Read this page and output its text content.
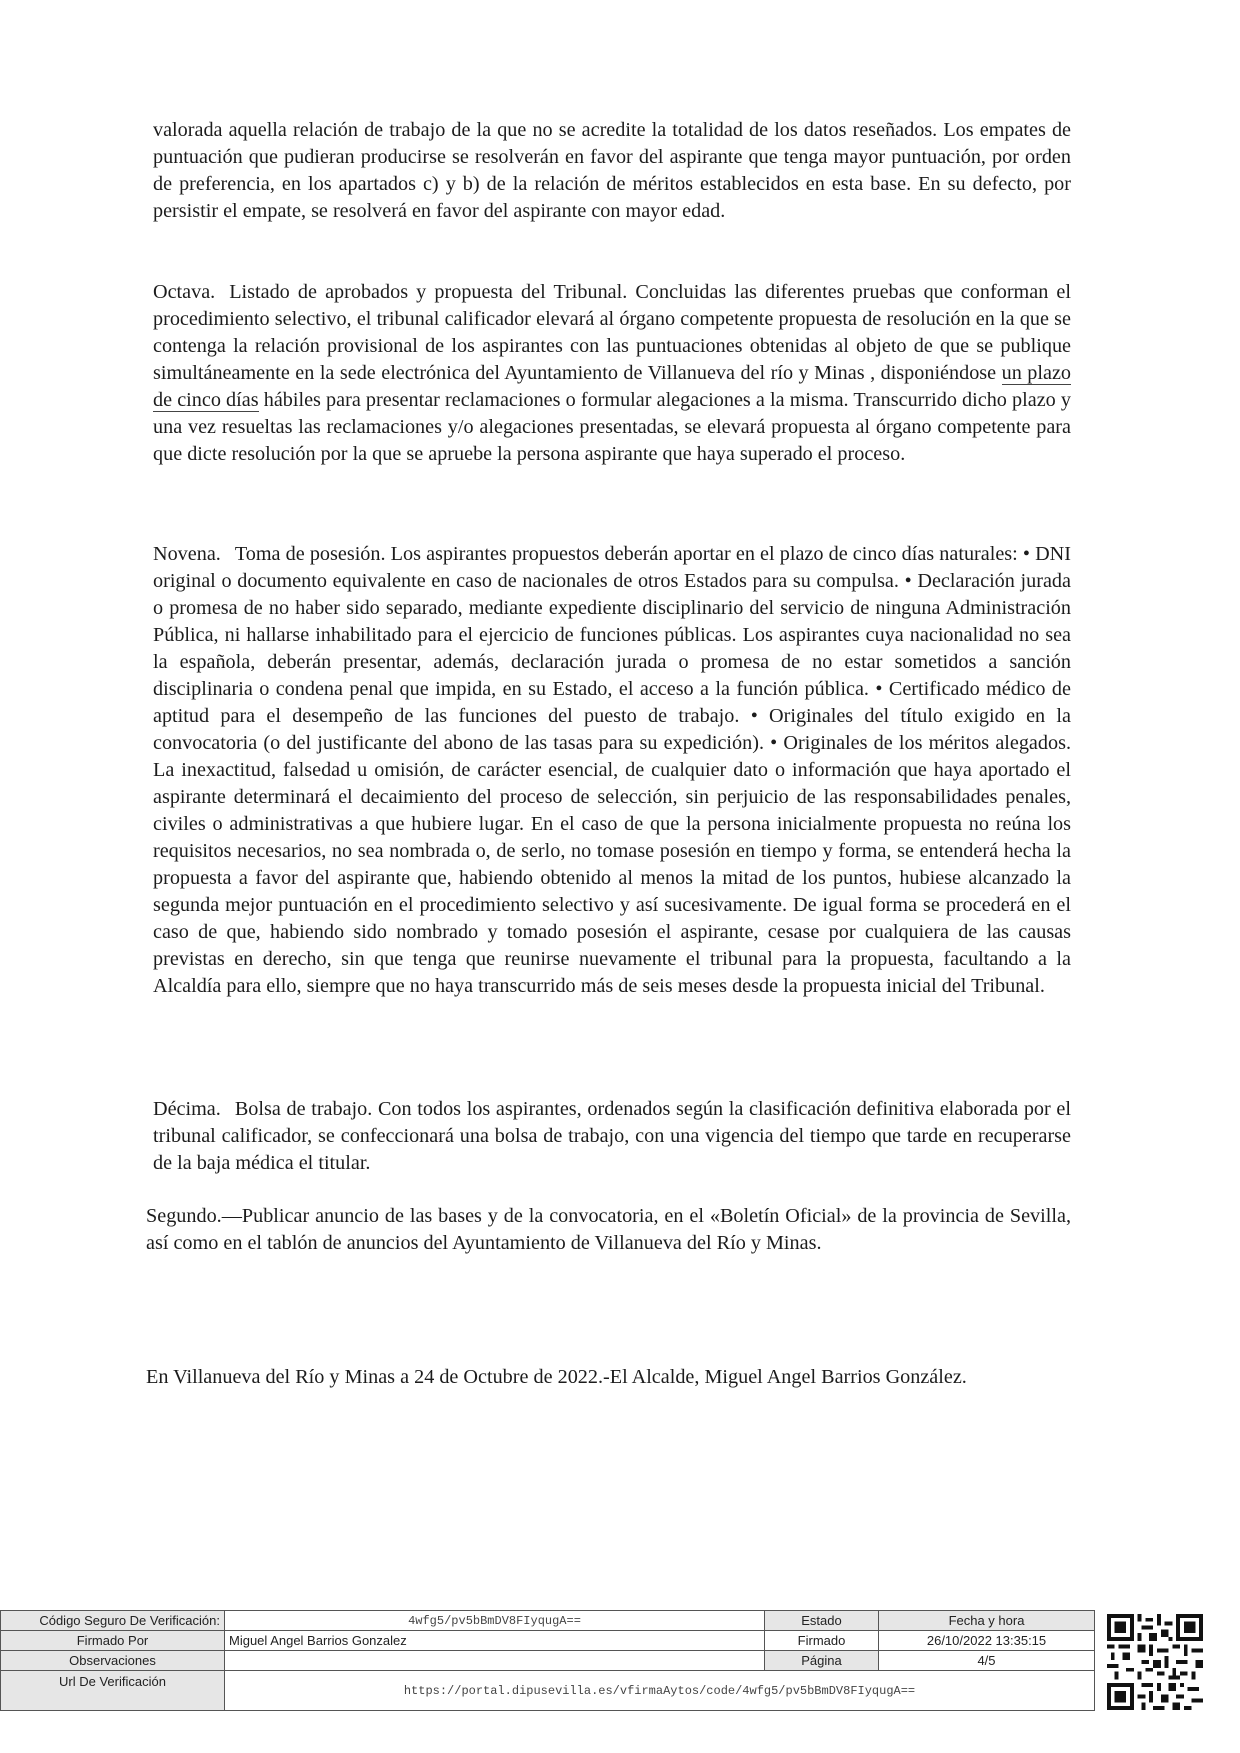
valorada aquella relación de trabajo de la que no se acredite la totalidad de los datos reseñados. Los empates de puntuación que pudieran producirse se resolverán en favor del aspirante que tenga mayor puntuación, por orden de preferencia, en los apartados c) y b) de la relación de méritos establecidos en esta base. En su defecto, por persistir el empate, se resolverá en favor del aspirante con mayor edad.

Octava. Listado de aprobados y propuesta del Tribunal. Concluidas las diferentes pruebas que conforman el procedimiento selectivo, el tribunal calificador elevará al órgano competente propuesta de resolución en la que se contenga la relación provisional de los aspirantes con las puntuaciones obtenidas al objeto de que se publique simultáneamente en la sede electrónica del Ayuntamiento de Villanueva del río y Minas , disponiéndose un plazo de cinco días hábiles para presentar reclamaciones o formular alegaciones a la misma. Transcurrido dicho plazo y una vez resueltas las reclamaciones y/o alegaciones presentadas, se elevará propuesta al órgano competente para que dicte resolución por la que se apruebe la persona aspirante que haya superado el proceso.

Novena. Toma de posesión. Los aspirantes propuestos deberán aportar en el plazo de cinco días naturales: • DNI original o documento equivalente en caso de nacionales de otros Estados para su compulsa. • Declaración jurada o promesa de no haber sido separado, mediante expediente disciplinario del servicio de ninguna Administración Pública, ni hallarse inhabilitado para el ejercicio de funciones públicas. Los aspirantes cuya nacionalidad no sea la española, deberán presentar, además, declaración jurada o promesa de no estar sometidos a sanción disciplinaria o condena penal que impida, en su Estado, el acceso a la función pública. • Certificado médico de aptitud para el desempeño de las funciones del puesto de trabajo. • Originales del título exigido en la convocatoria (o del justificante del abono de las tasas para su expedición). • Originales de los méritos alegados. La inexactitud, falsedad u omisión, de carácter esencial, de cualquier dato o información que haya aportado el aspirante determinará el decaimiento del proceso de selección, sin perjuicio de las responsabilidades penales, civiles o administrativas a que hubiere lugar. En el caso de que la persona inicialmente propuesta no reúna los requisitos necesarios, no sea nombrada o, de serlo, no tomase posesión en tiempo y forma, se entenderá hecha la propuesta a favor del aspirante que, habiendo obtenido al menos la mitad de los puntos, hubiese alcanzado la segunda mejor puntuación en el procedimiento selectivo y así sucesivamente. De igual forma se procederá en el caso de que, habiendo sido nombrado y tomado posesión el aspirante, cesase por cualquiera de las causas previstas en derecho, sin que tenga que reunirse nuevamente el tribunal para la propuesta, facultando a la Alcaldía para ello, siempre que no haya transcurrido más de seis meses desde la propuesta inicial del Tribunal.

Décima. Bolsa de trabajo. Con todos los aspirantes, ordenados según la clasificación definitiva elaborada por el tribunal calificador, se confeccionará una bolsa de trabajo, con una vigencia del tiempo que tarde en recuperarse de la baja médica el titular.

Segundo.—Publicar anuncio de las bases y de la convocatoria, en el «Boletín Oficial» de la provincia de Sevilla, así como en el tablón de anuncios del Ayuntamiento de Villanueva del Río y Minas.

En Villanueva del Río y Minas a 24 de Octubre de 2022.-El Alcalde, Miguel Angel Barrios González.

Código Seguro De Verificación:	4wfg5/pv5bBmDV8FIyqugA==	Estado	Fecha y hora
Firmado Por	Miguel Angel Barrios Gonzalez	Firmado	26/10/2022 13:35:15
Observaciones		Página	4/5
Url De Verificación	https://portal.dipusevilla.es/vfirmaAytos/code/4wfg5/pv5bBmDV8FIyqugA==		
